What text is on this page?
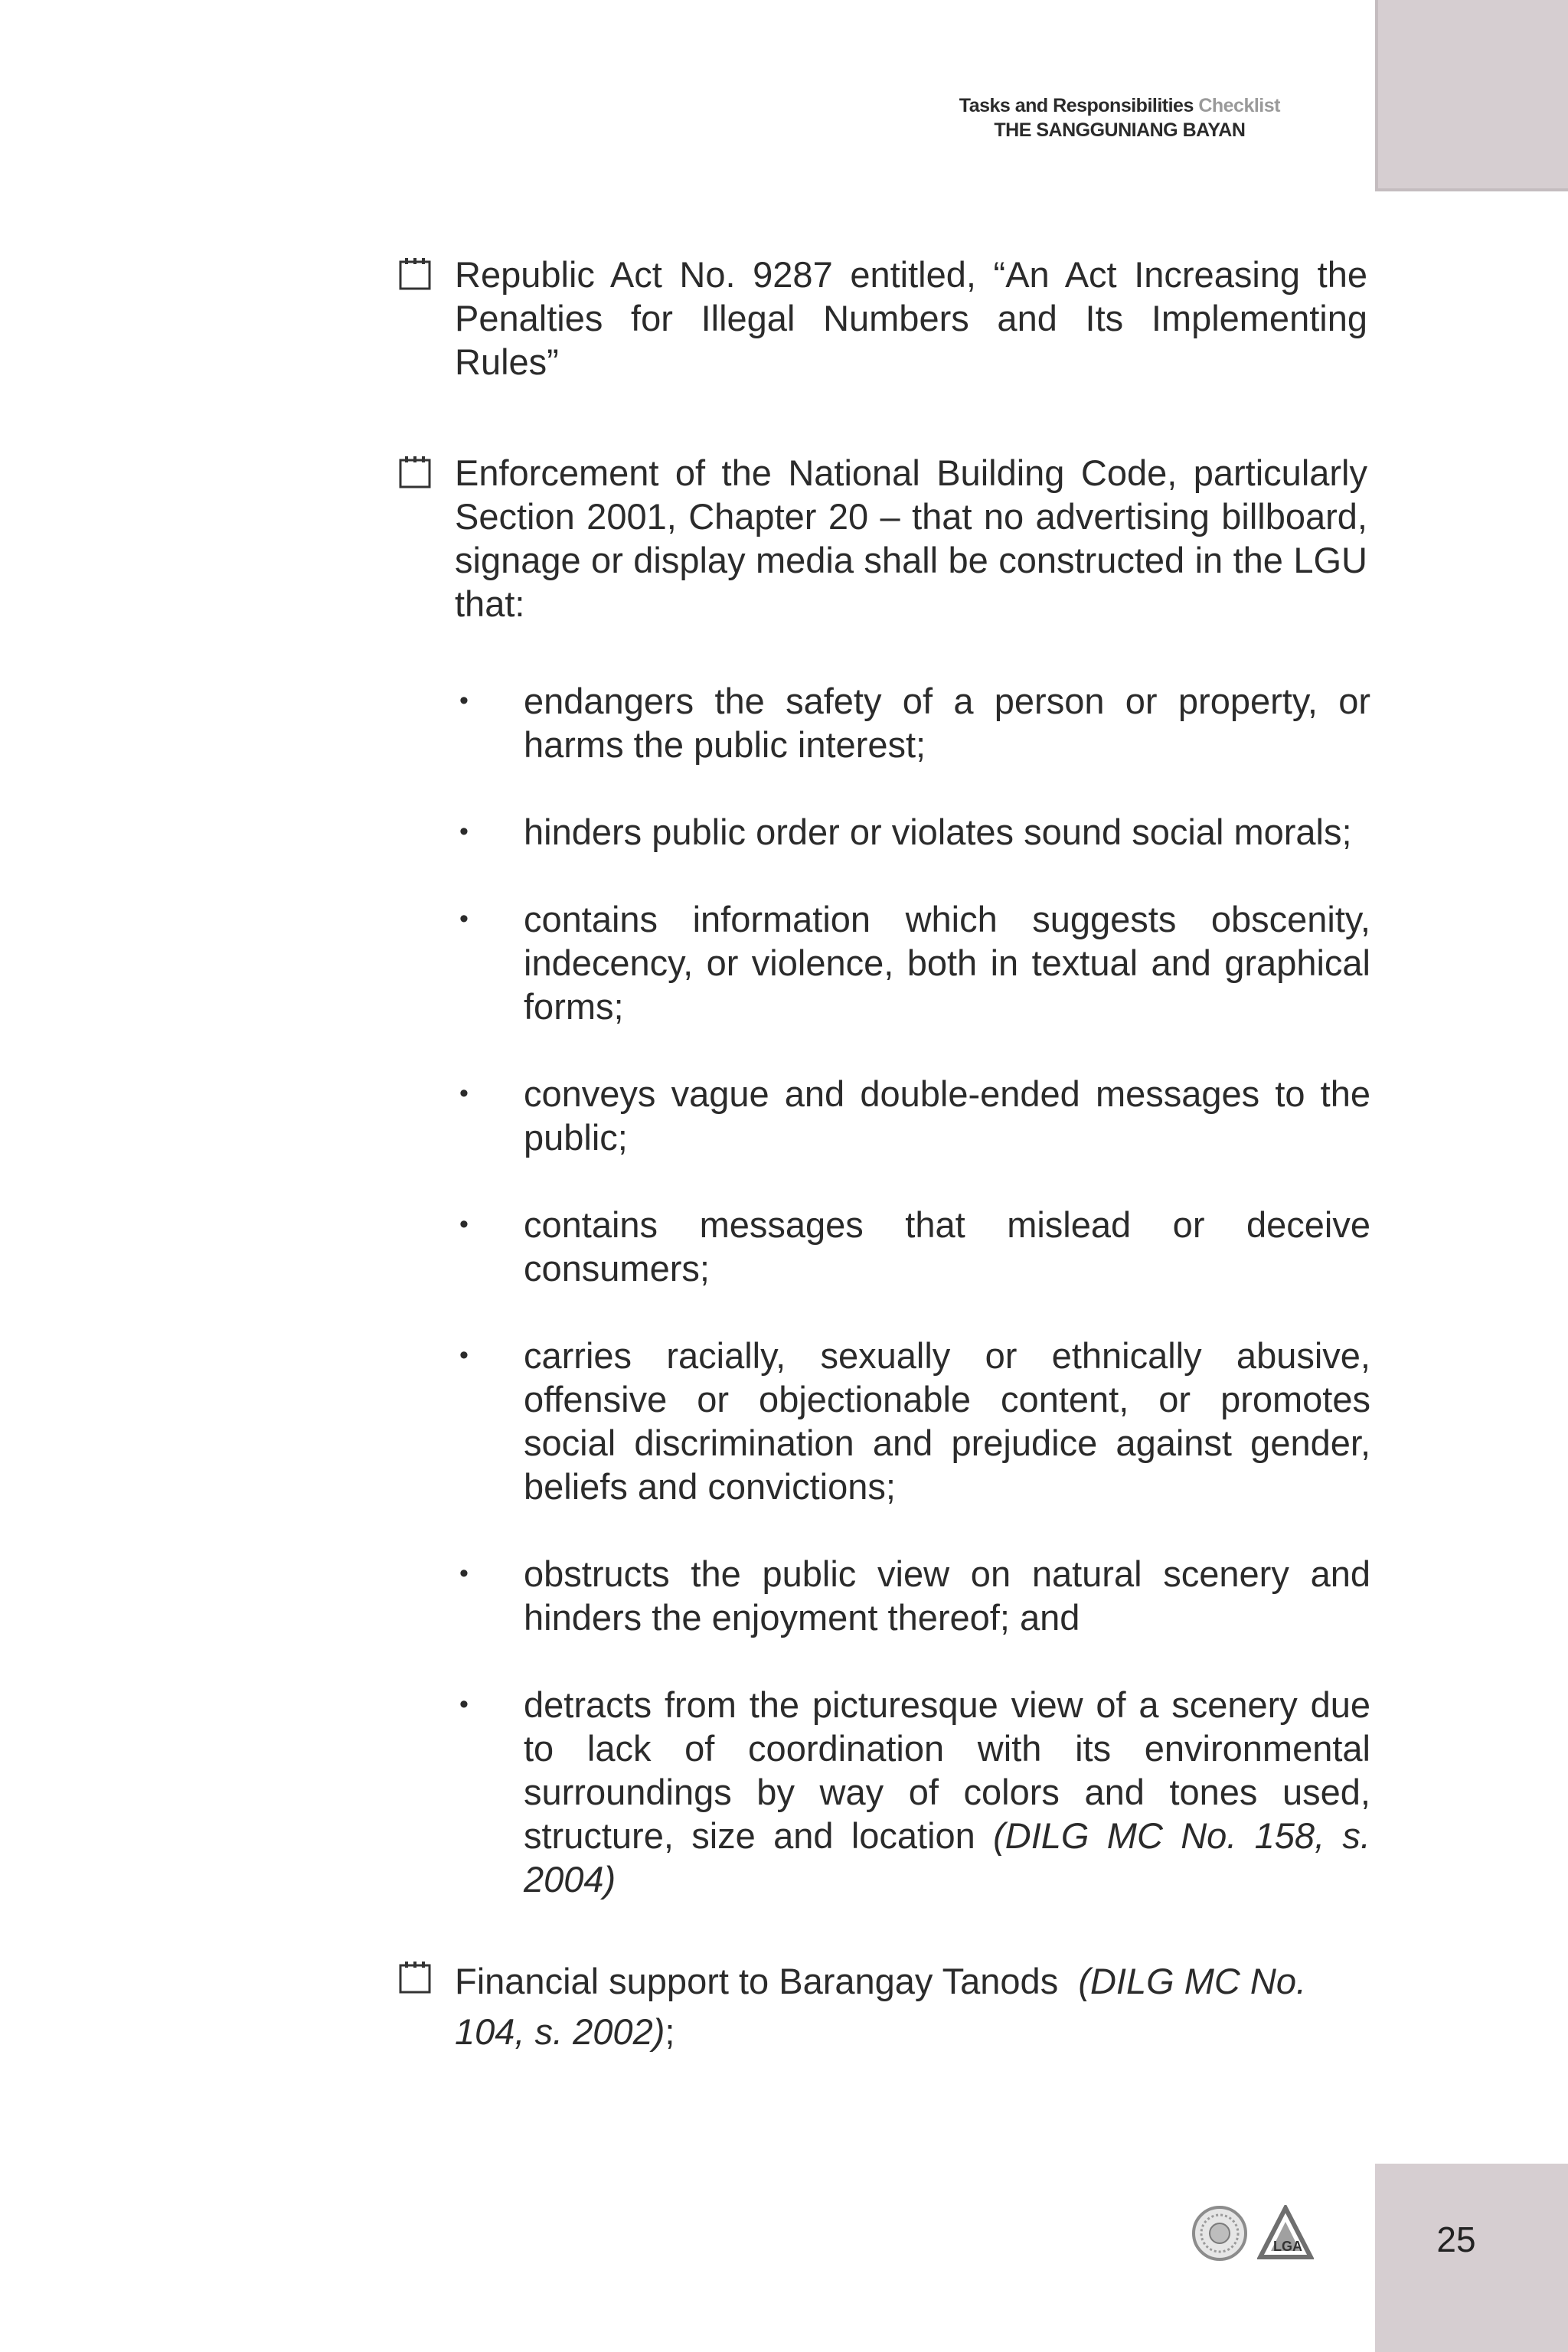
Tasks and Responsibilities Checklist
THE SANGGUNIANG BAYAN
Republic Act No. 9287 entitled, “An Act Increasing the Penalties for Illegal Numbers and Its Implementing Rules”
Enforcement of the National Building Code, particularly Section 2001, Chapter 20 – that no advertising billboard, signage or display media shall be constructed in the LGU that:
•	endangers the safety of a person or property, or harms the public interest;
•	hinders public order or violates sound social morals;
•	contains information which suggests obscenity, indecency, or violence, both in textual and graphical forms;
•	conveys vague and double-ended messages to the public;
•	contains messages that mislead or deceive consumers;
•	carries racially, sexually or ethnically abusive, offensive or objectionable content, or promotes social discrimination and prejudice against gender, beliefs and convictions;
•	obstructs the public view on natural scenery and hinders the enjoyment thereof; and
•	detracts from the picturesque view of a scenery due to lack of coordination with its environmental surroundings by way of colors and tones used, structure, size and location (DILG MC No. 158, s. 2004)
Financial support to Barangay Tanods (DILG MC No. 104, s. 2002);
LGA	25
